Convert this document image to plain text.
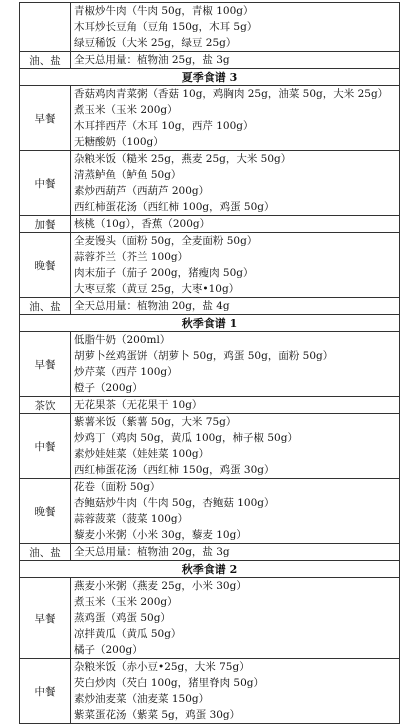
	青椒炒牛肉（牛肉 50g，青椒 100g）
木耳炒长豆角（豆角 150g，木耳 5g）
绿豆稀饭（大米 25g，绿豆 25g）

油、盐	全天总用量：植物油 25g，盐 3g

夏季食谱 3	
早餐	香菇鸡肉青菜粥（香菇 10g，鸡胸肉 25g，油菜 50g，大米 25g）
煮玉米（玉米 200g）
木耳拌西芹（木耳 10g，西芹 100g）
无糖酸奶（100g）

中餐	杂粮米饭（糙米 25g，燕麦 25g，大米 50g）
清蒸鲈鱼（鲈鱼 50g）
素炒西葫芦（西葫芦 200g）
西红柿蛋花汤（西红柿 100g，鸡蛋 50g）

加餐	核桃（10g），香蕉（200g）

晚餐	全麦馒头（面粉 50g，全麦面粉 50g）
蒜蓉芥兰（芥兰 100g）
肉末茄子（茄子 200g，猪瘦肉 50g）
大枣豆浆（黄豆 25g，大枣•10g）

油、盐	全天总用量：植物油 20g，盐 4g

秋季食谱 1	
早餐	低脂牛奶（200ml）
胡萝卜丝鸡蛋饼（胡萝卜 50g，鸡蛋 50g，面粉 50g）
炒芹菜（西芹 100g）
橙子（200g）

茶饮	无花果茶（无花果干 10g）

中餐	紫薯米饭（紫薯 50g，大米 75g）
炒鸡丁（鸡肉 50g，黄瓜 100g，柿子椒 50g）
素炒娃娃菜（娃娃菜 100g）
西红柿蛋花汤（西红柿 150g，鸡蛋 30g）

晚餐	花卷（面粉 50g）
杏鲍菇炒牛肉（牛肉 50g，杏鲍菇 100g）
蒜蓉菠菜（菠菜 100g）
藜麦小米粥（小米 30g，藜麦 10g）

油、盐	全天总用量：植物油 20g，盐 3g

秋季食谱 2	
早餐	燕麦小米粥（燕麦 25g，小米 30g）
煮玉米（玉米 200g）
蒸鸡蛋（鸡蛋 50g）
凉拌黄瓜（黄瓜 50g）
橘子（200g）

中餐	杂粮米饭（赤小豆•25g，大米 75g）
芡白炒肉（芡白 100g，猪里脊肉 50g）
素炒油麦菜（油麦菜 150g）
紫菜蛋花汤（紫菜 5g，鸡蛋 30g）
